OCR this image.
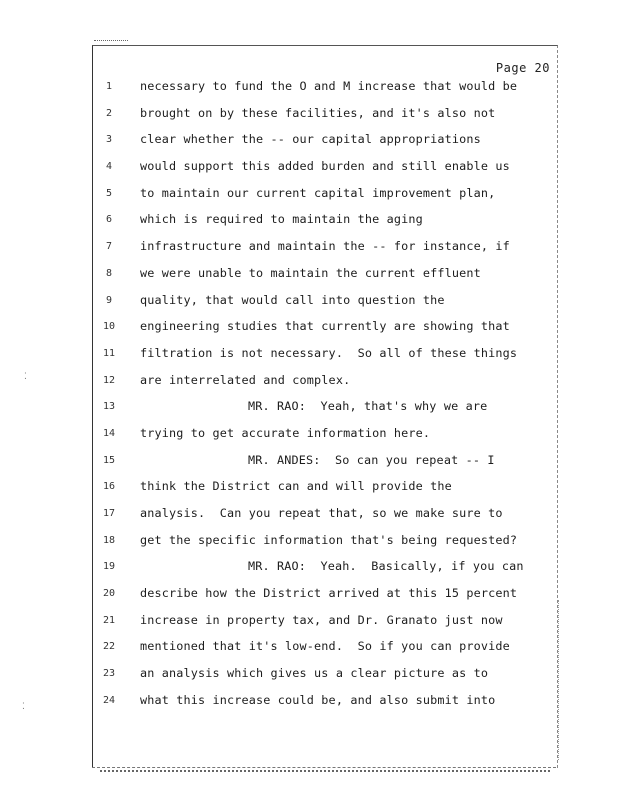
⁚
⁚
Page 20
1
2
3
4
5
6
7
8
9
10
11
12
13
14
15
16
17
18
19
20
21
22
23
24
necessary to fund the O and M increase that would be
brought on by these facilities, and it's also not
clear whether the -- our capital appropriations
would support this added burden and still enable us
to maintain our current capital improvement plan,
which is required to maintain the aging
infrastructure and maintain the -- for instance, if
we were unable to maintain the current effluent
quality, that would call into question the
engineering studies that currently are showing that
filtration is not necessary.  So all of these things
are interrelated and complex.
MR. RAO:  Yeah, that's why we are
trying to get accurate information here.
MR. ANDES:  So can you repeat -- I
think the District can and will provide the
analysis.  Can you repeat that, so we make sure to
get the specific information that's being requested?
MR. RAO:  Yeah.  Basically, if you can
describe how the District arrived at this 15 percent
increase in property tax, and Dr. Granato just now
mentioned that it's low-end.  So if you can provide
an analysis which gives us a clear picture as to
what this increase could be, and also submit into
